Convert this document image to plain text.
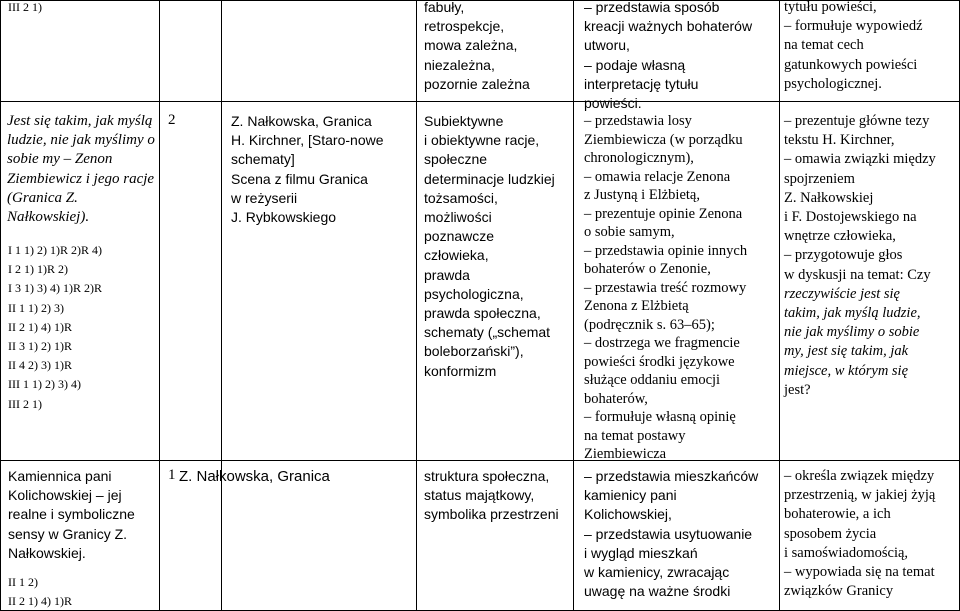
III 2 1)
Jest się takim, jak myślą ludzie, nie jak myślimy o sobie my – Zenon Ziembiewicz i jego racje (Granica Z. Nałkowskiej).
I 1 1) 2) 1)R 2)R 4)
I 2 1) 1)R 2)
I 3 1) 3) 4) 1)R 2)R
II 1 1) 2) 3)
II 2 1) 4) 1)R
II 3 1) 2) 1)R
II 4 2) 3) 1)R
III 1 1) 2) 3) 4)
III 2 1)
Kamiennica pani Kolichowskiej – jej realne i symboliczne sensy w Granicy Z. Nałkowskiej.
II 1 2)
II 2 1) 4) 1)R
2
1
Z. Nałkowska, Granica
H. Kirchner, [Staro-nowe
schematy]
Scena z filmu Granica
w reżyserii
J. Rybkowskiego
Z. Nałkowska, Granica
fabuły,
retrospekcje,
mowa zależna,
niezależna,
pozornie zależna
Subiektywne
i obiektywne racje,
społeczne
determinacje ludzkiej
tożsamości,
możliwości
poznawcze
człowieka,
prawda
psychologiczna,
prawda społeczna,
schematy („schemat
boleborzański”),
konformizm
struktura społeczna,
status majątkowy,
symbolika przestrzeni
– przedstawia sposób
kreacji ważnych bohaterów
utworu,
– podaje własną
interpretację tytułu
powieści.
– przedstawia losy
Ziembiewicza (w porządku
chronologicznym),
– omawia relacje Zenona
z Justyną i Elżbietą,
– prezentuje opinie Zenona
o sobie samym,
– przedstawia opinie innych
bohaterów o Zenonie,
– przestawia treść rozmowy
Zenona z Elżbietą
(podręcznik s. 63–65);
– dostrzega we fragmencie
powieści środki językowe
służące oddaniu emocji
bohaterów,
– formułuje własną opinię
na temat postawy
Ziembiewicza
– przedstawia mieszkańców
kamienicy pani
Kolichowskiej,
– przedstawia usytuowanie
i wygląd mieszkań
w kamienicy, zwracając
uwagę na ważne środki
tytułu powieści,
– formułuje wypowiedź
na temat cech
gatunkowych powieści
psychologicznej.
– prezentuje główne tezy
tekstu H. Kirchner,
– omawia związki między
spojrzeniem
Z. Nałkowskiej
i F. Dostojewskiego na
wnętrze człowieka,
– przygotowuje głos
w dyskusji na temat: Czy
rzeczywiście jest się
takim, jak myślą ludzie,
nie jak myślimy o sobie
my, jest się takim, jak
miejsce, w którym się
jest?
– określa związek między
przestrzenią, w jakiej żyją
bohaterowie, a ich
sposobem życia
i samoświadomością,
– wypowiada się na temat
związków Granicy
